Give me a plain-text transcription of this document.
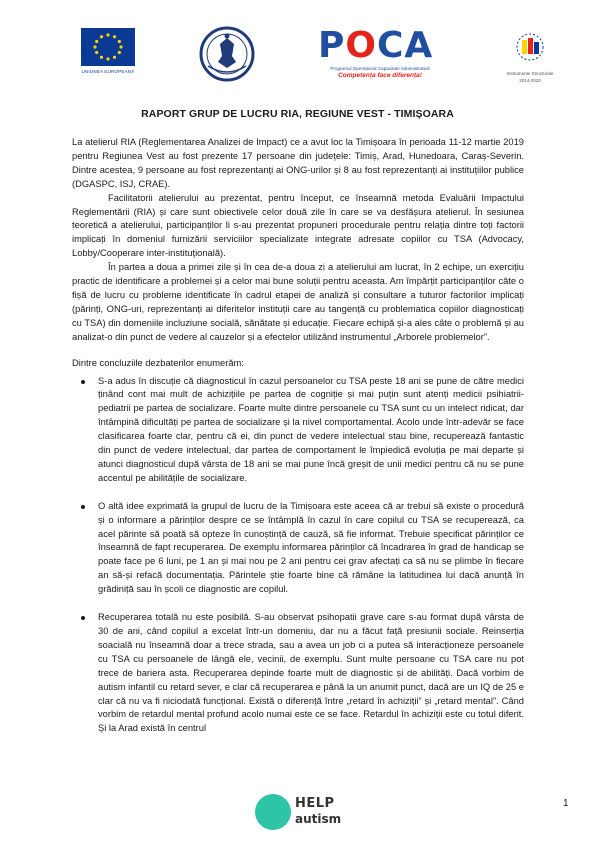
UNIUNEA EUROPEANĂ
POCA
Programul Operațional Capacitate Administrativă
Competența face diferența!	Instrumente Structurale
2014-2020
RAPORT GRUP DE LUCRU RIA, REGIUNE VEST - TIMIȘOARA

La atelierul RIA (Reglementarea Analizei de Impact) ce a avut loc la Timișoara în perioada 11-12 martie 2019 pentru Regiunea Vest au fost prezente 17 persoane din județele: Timiș, Arad, Hunedoara, Caraș-Severin. Dintre acestea, 9 persoane au fost reprezentanți ai ONG-urilor și 8 au fost reprezentanți ai instituțiilor publice (DGASPC, ISJ, CRAE).

Facilitatorii atelierului au prezentat, pentru început, ce înseamnă metoda Evaluării Impactului Reglementării (RIA) și care sunt obiectivele celor două zile în care se va desfășura atelierul. În sesiunea teoretică a atelierului, participanților li s-au prezentat propuneri procedurale pentru relația dintre toți factorii implicați în domeniul furnizării serviciilor specializate integrate adresate copiilor cu TSA (Advocacy, Lobby/Cooperare inter-instituțională).

În partea a doua a primei zile și în cea de-a doua zi a atelierului am lucrat, în 2 echipe, un exercițiu practic de identificare a problemei și a celor mai bune soluții pentru aceasta. Am împărțit participanților câte o fișă de lucru cu probleme identificate în cadrul etapei de analiză și consultare a tuturor factorilor implicați (părinți, ONG-uri, reprezentanți ai diferitelor instituții care au tangență cu problematica copiilor diagnosticați cu TSA) din domeniile incluziune socială, sănătate și educație. Fiecare echipă și-a ales câte o problemă și au analizat-o din punct de vedere al cauzelor și a efectelor utilizând instrumentul „Arborele problemelor”.

Dintre concluziile dezbaterilor enumerăm:

S-a adus în discuție că diagnosticul în cazul persoanelor cu TSA peste 18 ani se pune de către medici ținând cont mai mult de achizițiile pe partea de cogniție și mai puțin sunt atenți medicii psihiatrii-pediatrii pe partea de socializare. Foarte multe dintre persoanele cu TSA sunt cu un intelect ridicat, dar întâmpină dificultăți pe partea de socializare și la nivel comportamental. Acolo unde într-adevăr se face clasificarea foarte clar, pentru că ei, din punct de vedere intelectual stau bine, recuperează fantastic din punct de vedere intelectual, dar partea de comportament le împiedică evoluția pe mai departe și atunci diagnosticul după vârsta de 18 ani se mai pune încă greșit de unii medici pentru că nu se pune accentul pe abilitățile de socializare.
O altă idee exprimată la grupul de lucru de la Timișoara este aceea că ar trebui să existe o procedură și o informare a părinților despre ce se întâmplă în cazul în care copilul cu TSA se recuperează, ca acel părinte să poată să opteze în cunoștință de cauză, să fie informat. Trebuie specificat părinților ce înseamnă de fapt recuperarea. De exemplu informarea părinților că încadrarea în grad de handicap se poate face pe 6 luni, pe 1 an și mai nou pe 2 ani pentru cei grav afectați ca să nu se plimbe în fiecare an să-și refacă documentația. Părintele știe foarte bine că rămâne la latitudinea lui dacă anunță în grădiniță sau în școli ce diagnostic are copilul.
Recuperarea totală nu este posibilă. S-au observat psihopatii grave care s-au format după vârsta de 30 de ani, când copilul a excelat într-un domeniu, dar nu a făcut față presiunii sociale. Reinserția soacială nu înseamnă doar a trece strada, sau a avea un job ci a putea să interacționeze persoanele cu TSA cu persoanele de lângă ele, vecinii, de exemplu. Sunt multe persoane cu TSA care nu pot trece de bariera asta. Recuperarea depinde foarte mult de diagnostic și de abilități. Dacă vorbim de autism infantil cu retard sever, e clar că recuperarea e până la un anumit punct, dacă are un IQ de 25 e clar că nu va fi niciodată funcțional. Există o diferență între „retard în achiziții” și „retard mental”. Când vorbim de retardul mental profund acolo numai este ce se face. Retardul în achiziții este cu totul diferit. Și la Arad există în centrul
HELP
autism
1
